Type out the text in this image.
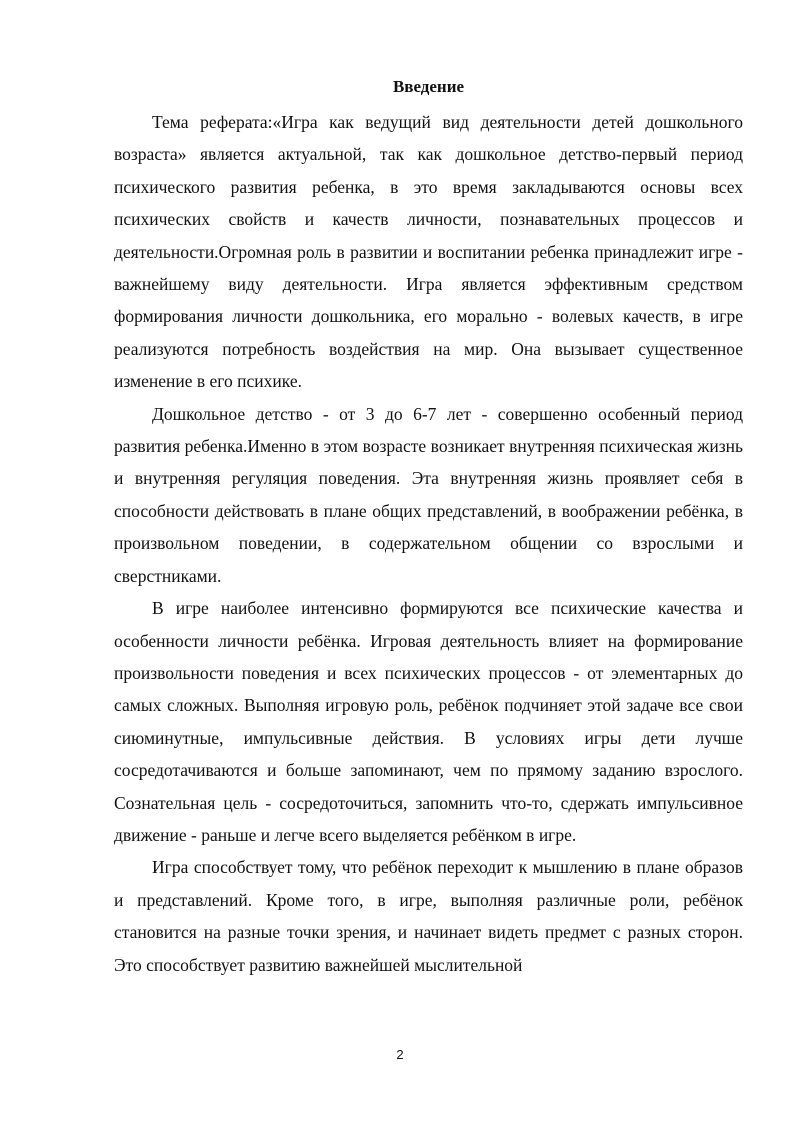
Введение

Тема реферата:«Игра как ведущий вид деятельности детей дошкольного возраста» является актуальной, так как дошкольное детство-первый период психического развития ребенка, в это время закладываются основы всех психических свойств и качеств личности, познавательных процессов и деятельности.Огромная роль в развитии и воспитании ребенка принадлежит игре - важнейшему виду деятельности. Игра является эффективным средством формирования личности дошкольника, его морально - волевых качеств, в игре реализуются потребность воздействия на мир. Она вызывает существенное изменение в его психике.

Дошкольное детство - от 3 до 6-7 лет - совершенно особенный период развития ребенка.Именно в этом возрасте возникает внутренняя психическая жизнь и внутренняя регуляция поведения. Эта внутренняя жизнь проявляет себя в способности действовать в плане общих представлений, в воображении ребёнка, в произвольном поведении, в содержательном общении со взрослыми и сверстниками.

В игре наиболее интенсивно формируются все психические качества и особенности личности ребёнка. Игровая деятельность влияет на формирование произвольности поведения и всех психических процессов - от элементарных до самых сложных. Выполняя игровую роль, ребёнок подчиняет этой задаче все свои сиюминутные, импульсивные действия. В условиях игры дети лучше сосредотачиваются и больше запоминают, чем по прямому заданию взрослого. Сознательная цель - сосредоточиться, запомнить что-то, сдержать импульсивное движение - раньше и легче всего выделяется ребёнком в игре.

Игра способствует тому, что ребёнок переходит к мышлению в плане образов и представлений. Кроме того, в игре, выполняя различные роли, ребёнок становится на разные точки зрения, и начинает видеть предмет с разных сторон. Это способствует развитию важнейшей мыслительной

2
